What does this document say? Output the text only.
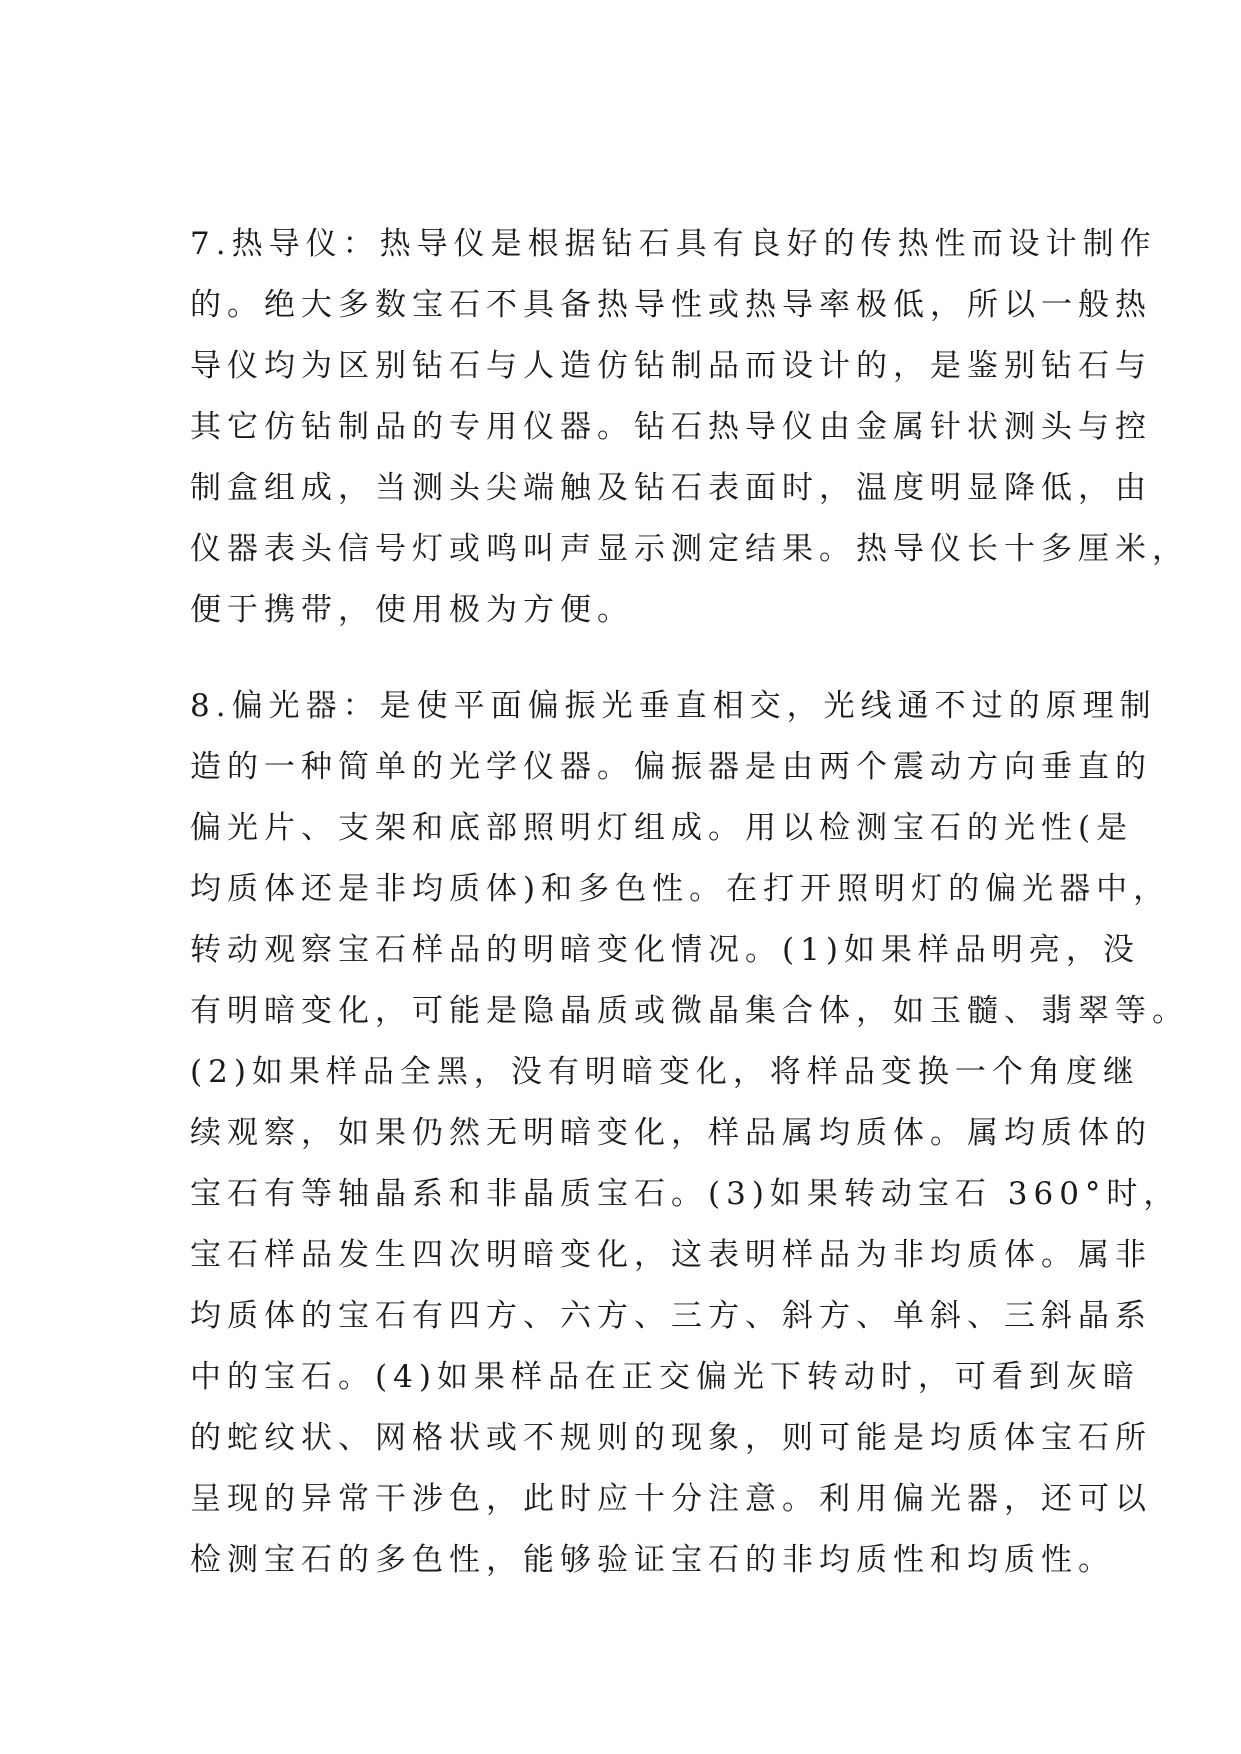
7.热导仪：热导仪是根据钻石具有良好的传热性而设计制作
的。绝大多数宝石不具备热导性或热导率极低，所以一般热
导仪均为区别钻石与人造仿钻制品而设计的，是鉴别钻石与
其它仿钻制品的专用仪器。钻石热导仪由金属针状测头与控
制盒组成，当测头尖端触及钻石表面时，温度明显降低，由
仪器表头信号灯或鸣叫声显示测定结果。热导仪长十多厘米，
便于携带，使用极为方便。
8.偏光器：是使平面偏振光垂直相交，光线通不过的原理制
造的一种简单的光学仪器。偏振器是由两个震动方向垂直的
偏光片、支架和底部照明灯组成。用以检测宝石的光性(是
均质体还是非均质体)和多色性。在打开照明灯的偏光器中，
转动观察宝石样品的明暗变化情况。(1)如果样品明亮，没
有明暗变化，可能是隐晶质或微晶集合体，如玉髓、翡翠等。
(2)如果样品全黑，没有明暗变化，将样品变换一个角度继
续观察，如果仍然无明暗变化，样品属均质体。属均质体的
宝石有等轴晶系和非晶质宝石。(3)如果转动宝石 360°时，
宝石样品发生四次明暗变化，这表明样品为非均质体。属非
均质体的宝石有四方、六方、三方、斜方、单斜、三斜晶系
中的宝石。(4)如果样品在正交偏光下转动时，可看到灰暗
的蛇纹状、网格状或不规则的现象，则可能是均质体宝石所
呈现的异常干涉色，此时应十分注意。利用偏光器，还可以
检测宝石的多色性，能够验证宝石的非均质性和均质性。
